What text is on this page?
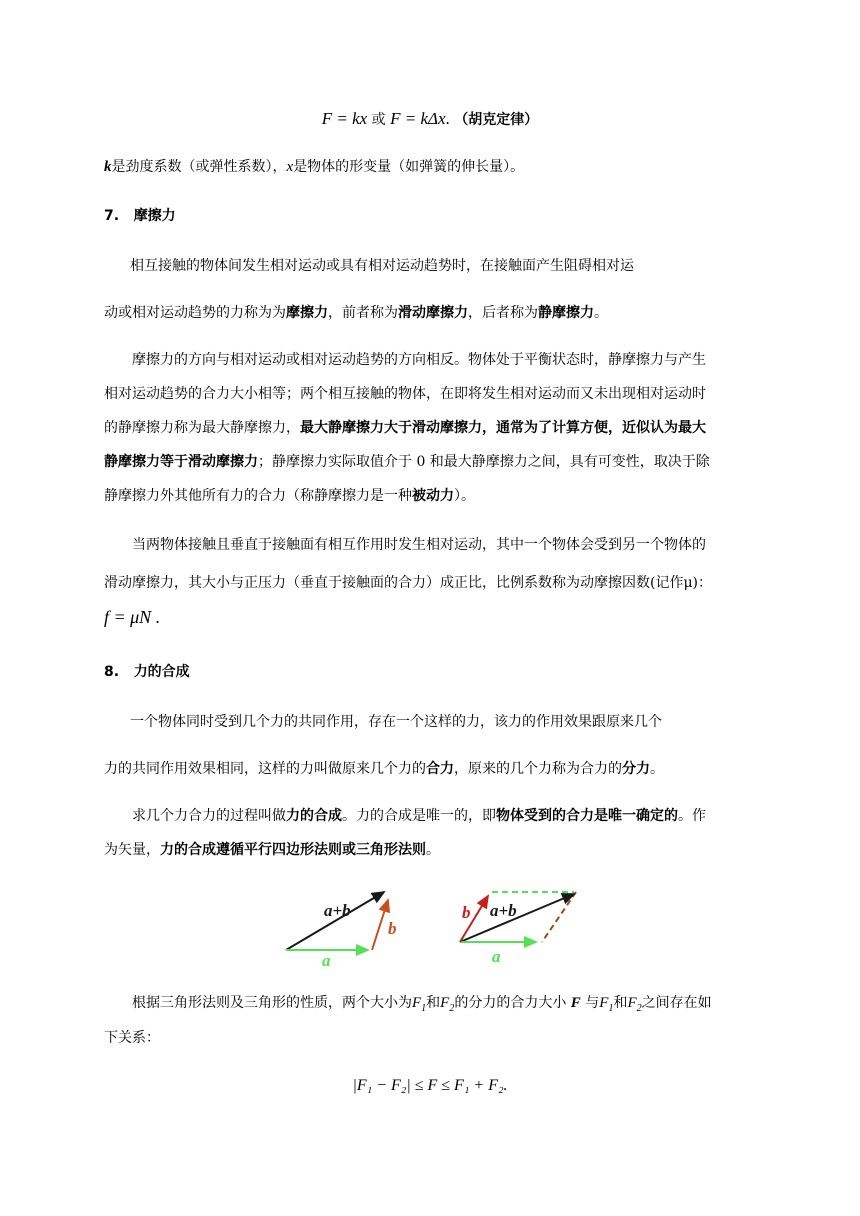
F = kx 或 F = kΔx. （胡克定律）
k是劲度系数（或弹性系数），x是物体的形变量（如弹簧的伸长量）。
7. 摩擦力
相互接触的物体间发生相对运动或具有相对运动趋势时，在接触面产生阻碍相对运
动或相对运动趋势的力称为为摩擦力，前者称为滑动摩擦力，后者称为静摩擦力。
摩擦力的方向与相对运动或相对运动趋势的方向相反。物体处于平衡状态时，静摩擦力与产生
相对运动趋势的合力大小相等；两个相互接触的物体，在即将发生相对运动而又未出现相对运动时
的静摩擦力称为最大静摩擦力，最大静摩擦力大于滑动摩擦力，通常为了计算方便，近似认为最大
静摩擦力等于滑动摩擦力；静摩擦力实际取值介于 0 和最大静摩擦力之间，具有可变性，取决于除
静摩擦力外其他所有力的合力（称静摩擦力是一种被动力）。
当两物体接触且垂直于接触面有相互作用时发生相对运动，其中一个物体会受到另一个物体的
滑动摩擦力，其大小与正压力（垂直于接触面的合力）成正比，比例系数称为动摩擦因数(记作μ)：
f = μN .
8. 力的合成
一个物体同时受到几个力的共同作用，存在一个这样的力，该力的作用效果跟原来几个
力的共同作用效果相同，这样的力叫做原来几个力的合力，原来的几个力称为合力的分力。
求几个力合力的过程叫做力的合成。力的合成是唯一的，即物体受到的合力是唯一确定的。作
为矢量，力的合成遵循平行四边形法则或三角形法则。
a+b
b
a
a+b
b
a
根据三角形法则及三角形的性质，两个大小为$F_1$和$F_2$的分力的合力大小 F 与$F_1$和$F_2$之间存在如
下关系：
|F₁ − F₂| ≤ F ≤ F₁ + F₂.
